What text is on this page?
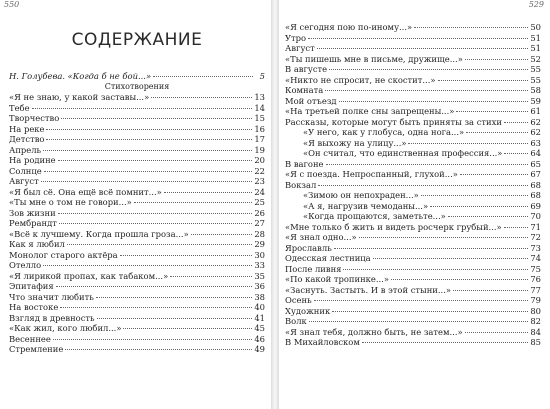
550
СОДЕРЖАНИЕ
Н. Голубева. «Когда б не бой...»	5
Стихотворения
«Я не знаю, у какой заставы...»	13
Тебе	14
Творчество	15
На реке	16
Детство	17
Апрель	19
На родине	20
Солнце	22
Август	23
«Я был сё. Она ещё всё помнит...»	24
«Ты мне о том не говори...»	25
Зов жизни	26
Рембрандт	27
«Всё к лучшему. Когда прошла гроза...»	28
Как я любил	29
Монолог старого актёра	30
Отелло	33
«Я лирикой пропах, как табаком...»	35
Эпитафия	36
Что значит любить	38
На востоке	40
Взгляд в древность	41
«Как жил, кого любил...»	45
Весеннее	46
Стремление	49
529
«Я сегодня пою по-иному...»	50
Утро	51
Август	51
«Ты пишешь мне в письме, дружище...»	52
В августе	55
«Никто не спросит, не скостит...»	55
Комната	58
Мой отъезд	59
«На третьей полке сны запрещены...»	61
Рассказы, которые могут быть приняты за стихи	62
«У него, как у глобуса, одна нога...»	62
«Я выхожу на улицу...»	63
«Он считал, что единственная профессия...»	64
В вагоне	65
«Я с поезда. Непроспанный, глухой...»	67
Вокзал	68
«Зимою он непохраден...»	68
«А я, нагрузив чемоданы...»	69
«Когда прощаются, заметьте...»	70
«Мне только б жить и видеть росчерк грубый...»	71
«Я знал одно...»	72
Ярославль	73
Одесская лестница	74
После ливня	75
«По какой тропинке...»	76
«Заснуть. Застыть. И в этой стыни...»	77
Осень	79
Художник	80
Волк	82
«Я знал тебя, должно быть, не затем...»	84
В Михайловском	85
